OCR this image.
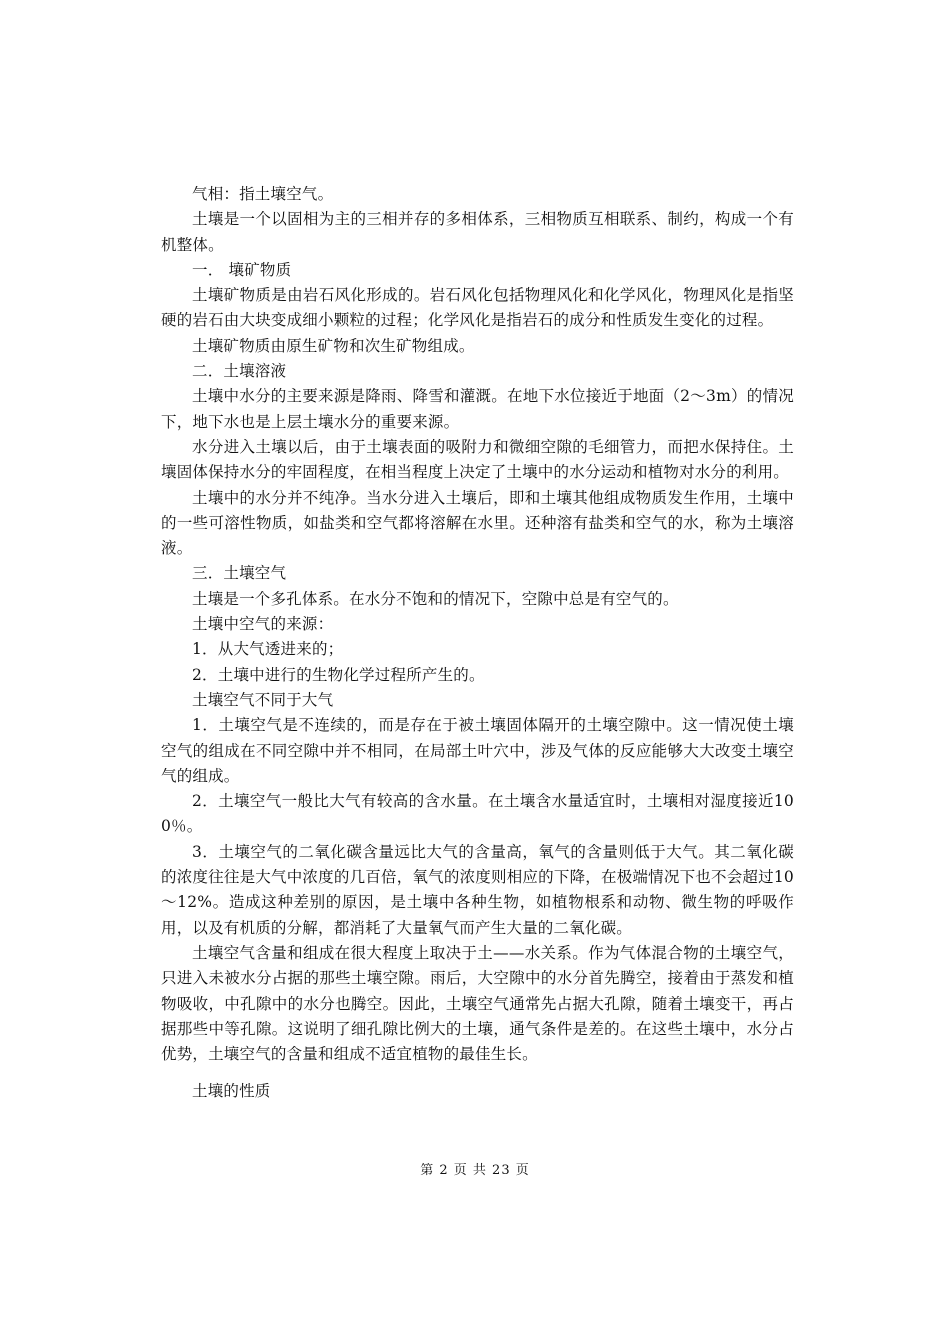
气相：指土壤空气。

土壤是一个以固相为主的三相并存的多相体系，三相物质互相联系、制约，构成一个有机整体。

一． 壤矿物质

土壤矿物质是由岩石风化形成的。岩石风化包括物理风化和化学风化，物理风化是指坚硬的岩石由大块变成细小颗粒的过程；化学风化是指岩石的成分和性质发生变化的过程。

土壤矿物质由原生矿物和次生矿物组成。

二．土壤溶液

土壤中水分的主要来源是降雨、降雪和灌溉。在地下水位接近于地面（2～3m）的情况下，地下水也是上层土壤水分的重要来源。

水分进入土壤以后，由于土壤表面的吸附力和微细空隙的毛细管力，而把水保持住。土壤固体保持水分的牢固程度，在相当程度上决定了土壤中的水分运动和植物对水分的利用。

土壤中的水分并不纯净。当水分进入土壤后，即和土壤其他组成物质发生作用，土壤中的一些可溶性物质，如盐类和空气都将溶解在水里。还种溶有盐类和空气的水，称为土壤溶液。

三．土壤空气

土壤是一个多孔体系。在水分不饱和的情况下，空隙中总是有空气的。

土壤中空气的来源：

1．从大气透进来的；

2．土壤中进行的生物化学过程所产生的。

土壤空气不同于大气

1．土壤空气是不连续的，而是存在于被土壤固体隔开的土壤空隙中。这一情况使土壤空气的组成在不同空隙中并不相同，在局部土叶穴中，涉及气体的反应能够大大改变土壤空气的组成。

2．土壤空气一般比大气有较高的含水量。在土壤含水量适宜时，土壤相对湿度接近100％。

3．土壤空气的二氧化碳含量远比大气的含量高，氧气的含量则低于大气。其二氧化碳的浓度往往是大气中浓度的几百倍，氧气的浓度则相应的下降，在极端情况下也不会超过10～12%。造成这种差别的原因，是土壤中各种生物，如植物根系和动物、微生物的呼吸作用，以及有机质的分解，都消耗了大量氧气而产生大量的二氧化碳。

土壤空气含量和组成在很大程度上取决于土——水关系。作为气体混合物的土壤空气，只进入未被水分占据的那些土壤空隙。雨后，大空隙中的水分首先腾空，接着由于蒸发和植物吸收，中孔隙中的水分也腾空。因此，土壤空气通常先占据大孔隙，随着土壤变干，再占据那些中等孔隙。这说明了细孔隙比例大的土壤，通气条件是差的。在这些土壤中，水分占优势，土壤空气的含量和组成不适宜植物的最佳生长。

土壤的性质

第 2 页 共 23 页
